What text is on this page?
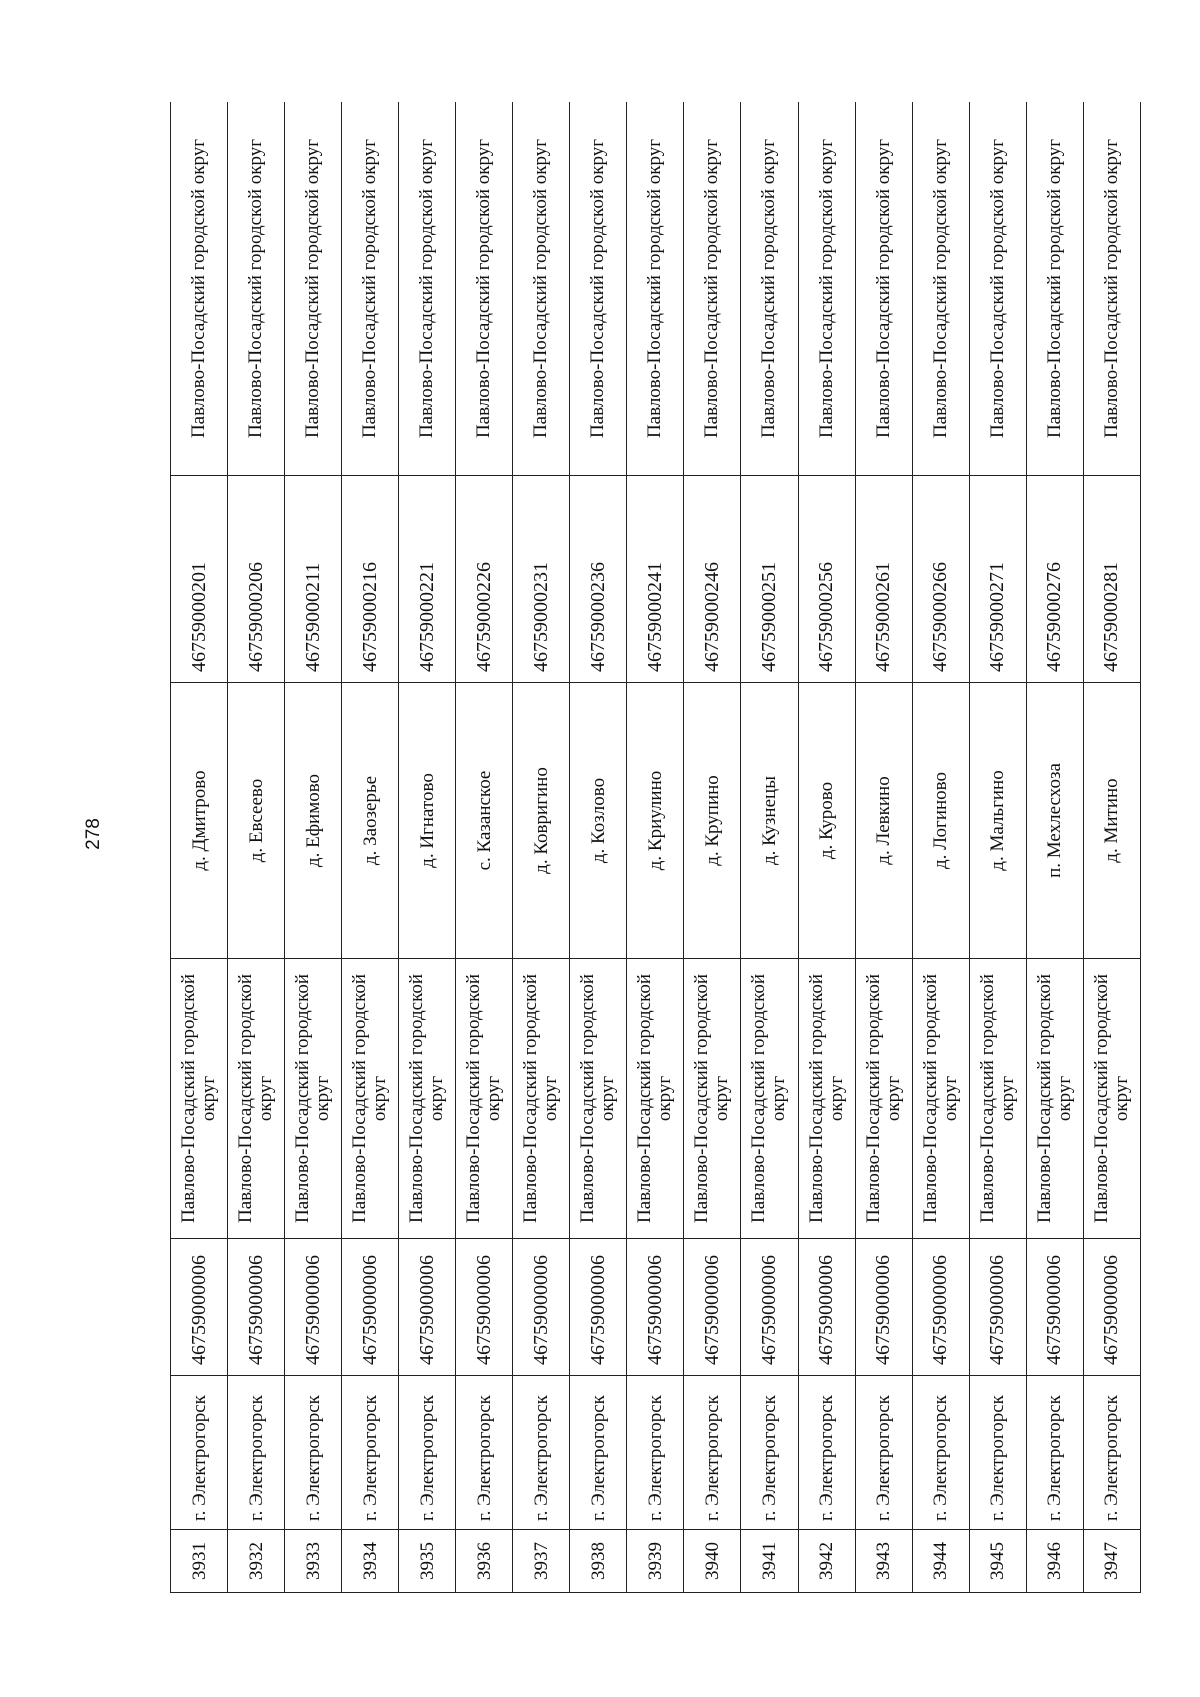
278
3931	г. Электрогорск	46759000006	Павлово-Посадский городской округ	д. Дмитрово	46759000201	Павлово-Посадский городской округ
3932	г. Электрогорск	46759000006	Павлово-Посадский городской округ	д. Евсеево	46759000206	Павлово-Посадский городской округ
3933	г. Электрогорск	46759000006	Павлово-Посадский городской округ	д. Ефимово	46759000211	Павлово-Посадский городской округ
3934	г. Электрогорск	46759000006	Павлово-Посадский городской округ	д. Заозерье	46759000216	Павлово-Посадский городской округ
3935	г. Электрогорск	46759000006	Павлово-Посадский городской округ	д. Игнатово	46759000221	Павлово-Посадский городской округ
3936	г. Электрогорск	46759000006	Павлово-Посадский городской округ	с. Казанское	46759000226	Павлово-Посадский городской округ
3937	г. Электрогорск	46759000006	Павлово-Посадский городской округ	д. Ковригино	46759000231	Павлово-Посадский городской округ
3938	г. Электрогорск	46759000006	Павлово-Посадский городской округ	д. Козлово	46759000236	Павлово-Посадский городской округ
3939	г. Электрогорск	46759000006	Павлово-Посадский городской округ	д. Криулино	46759000241	Павлово-Посадский городской округ
3940	г. Электрогорск	46759000006	Павлово-Посадский городской округ	д. Крупино	46759000246	Павлово-Посадский городской округ
3941	г. Электрогорск	46759000006	Павлово-Посадский городской округ	д. Кузнецы	46759000251	Павлово-Посадский городской округ
3942	г. Электрогорск	46759000006	Павлово-Посадский городской округ	д. Курово	46759000256	Павлово-Посадский городской округ
3943	г. Электрогорск	46759000006	Павлово-Посадский городской округ	д. Левкино	46759000261	Павлово-Посадский городской округ
3944	г. Электрогорск	46759000006	Павлово-Посадский городской округ	д. Логиново	46759000266	Павлово-Посадский городской округ
3945	г. Электрогорск	46759000006	Павлово-Посадский городской округ	д. Мальгино	46759000271	Павлово-Посадский городской округ
3946	г. Электрогорск	46759000006	Павлово-Посадский городской округ	п. Мехлесхоза	46759000276	Павлово-Посадский городской округ
3947	г. Электрогорск	46759000006	Павлово-Посадский городской округ	д. Митино	46759000281	Павлово-Посадский городской округ
